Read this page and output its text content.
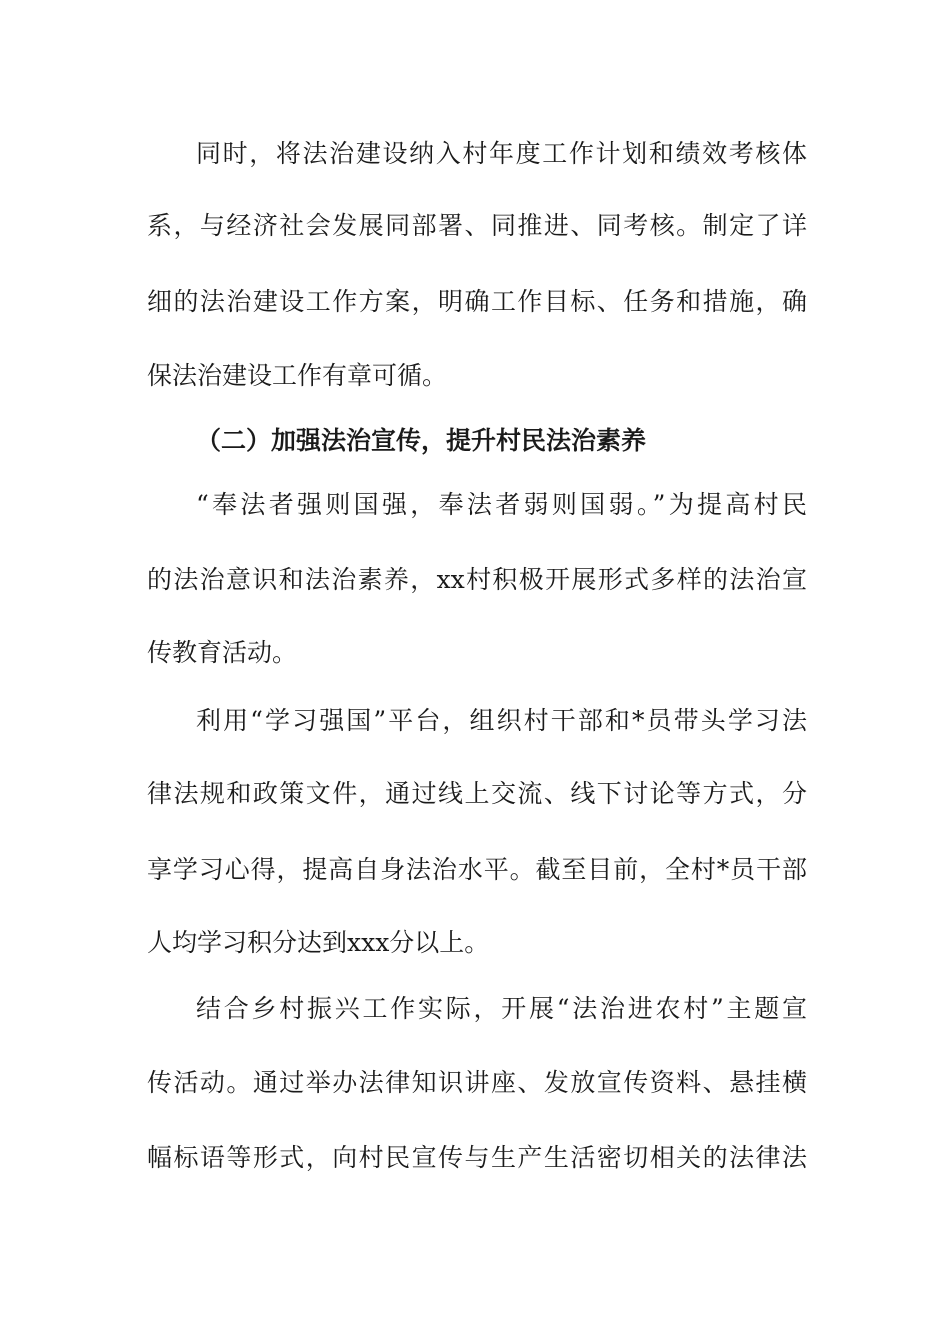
同时，将法治建设纳入村年度工作计划和绩效考核体
系，与经济社会发展同部署、同推进、同考核。制定了详
细的法治建设工作方案，明确工作目标、任务和措施，确
保法治建设工作有章可循。
（二）加强法治宣传，提升村民法治素养
“奉法者强则国强，奉法者弱则国弱。”为提高村民
的法治意识和法治素养，xx村积极开展形式多样的法治宣
传教育活动。
利用“学习强国”平台，组织村干部和*员带头学习法
律法规和政策文件，通过线上交流、线下讨论等方式，分
享学习心得，提高自身法治水平。截至目前，全村*员干部
人均学习积分达到xxx分以上。
结合乡村振兴工作实际，开展“法治进农村”主题宣
传活动。通过举办法律知识讲座、发放宣传资料、悬挂横
幅标语等形式，向村民宣传与生产生活密切相关的法律法
